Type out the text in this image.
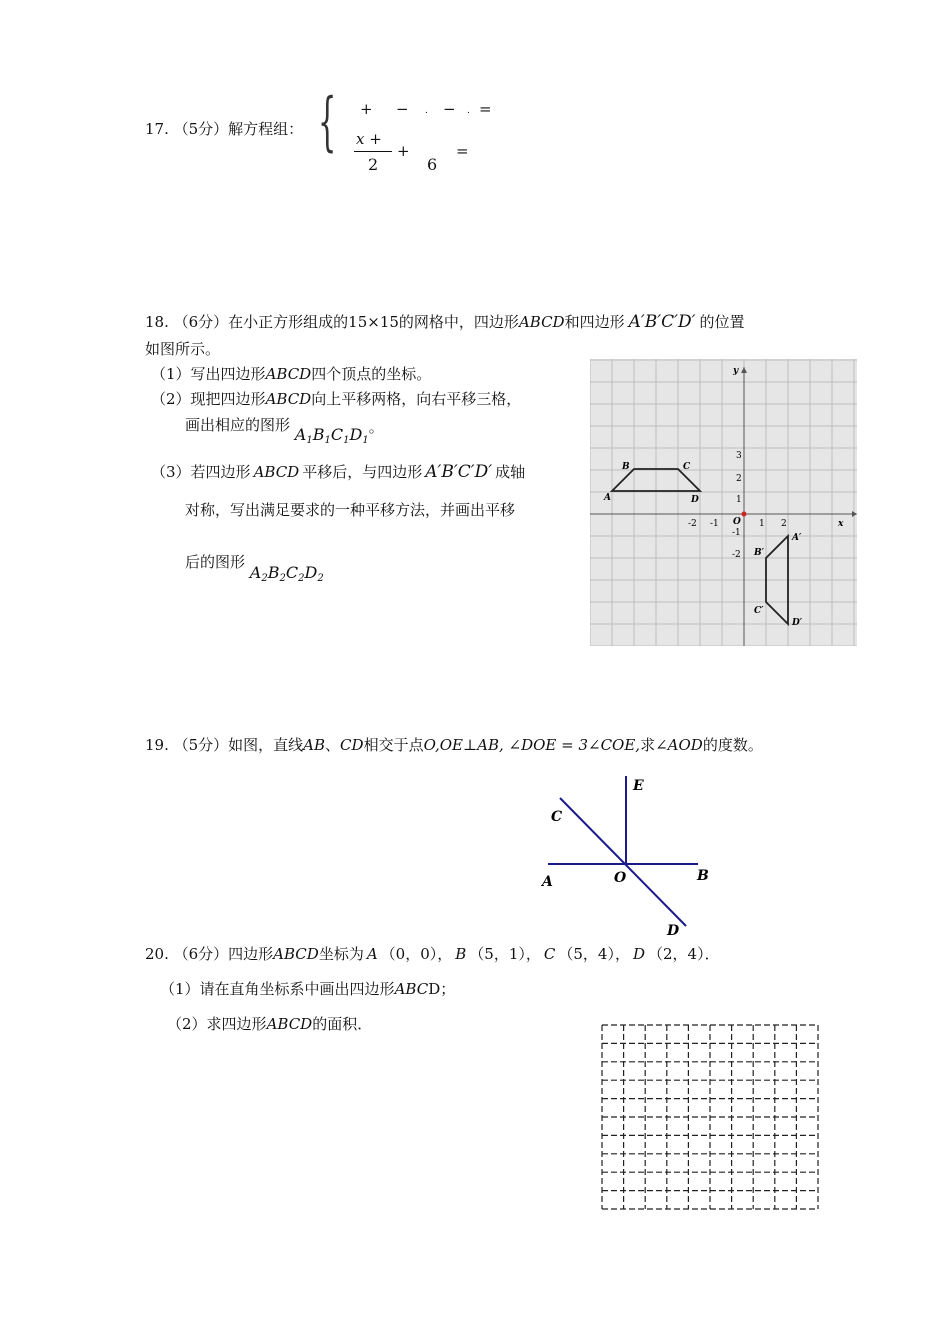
17. （5分）解方程组： { + − . − . =
x +
2
+
6
=
18. （6分）在小正方形组成的15×15的网格中，四边形ABCD和四边形 A′B′C′D′ 的位置
如图所示。
（1）写出四边形ABCD四个顶点的坐标。
（2）现把四边形ABCD向上平移两格，向右平移三格，
画出相应的图形 $A_1B_1C_1D_1$。
（3）若四边形 ABCD 平移后，与四边形 A′B′C′D′ 成轴
对称，写出满足要求的一种平移方法，并画出平移
后的图形 $A_2B_2C_2D_2$
x
y
O
-2 -1	1 2
3
2
1
-1
-2
A
B	C
D
A′
B′
C′
D′
19. （5分）如图，直线AB、CD相交于点O,OE⊥AB, ∠DOE = 3∠COE,求∠AOD的度数。
A	B
C
D
E
O
20. （6分）四边形ABCD坐标为 A （0，0）， B （5，1）， C （5，4）， D （2，4）．
（1）请在直角坐标系中画出四边形ABCD；
（2）求四边形ABCD的面积．
